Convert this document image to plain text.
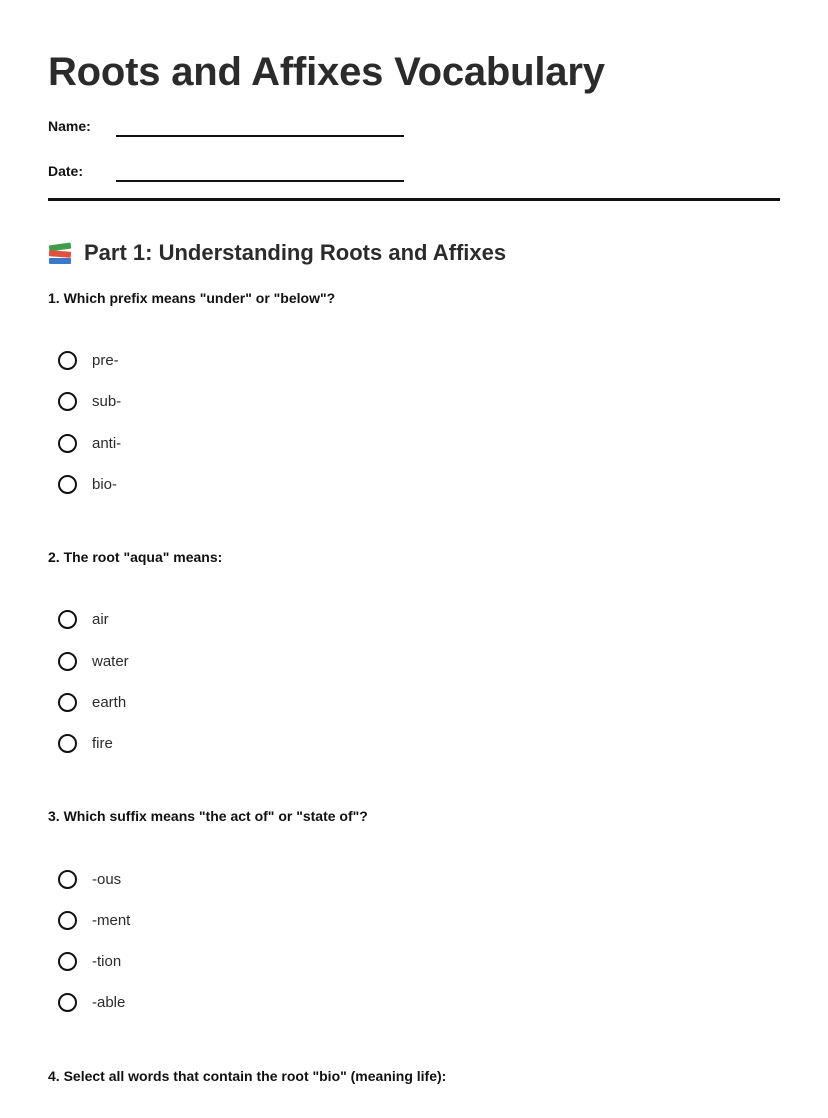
Roots and Affixes Vocabulary
Name:
Date:
Part 1: Understanding Roots and Affixes

1. Which prefix means "under" or "below"?

pre-
sub-
anti-
bio-

2. The root "aqua" means:

air
water
earth
fire

3. Which suffix means "the act of" or "state of"?

-ous
-ment
-tion
-able

4. Select all words that contain the root "bio" (meaning life):
